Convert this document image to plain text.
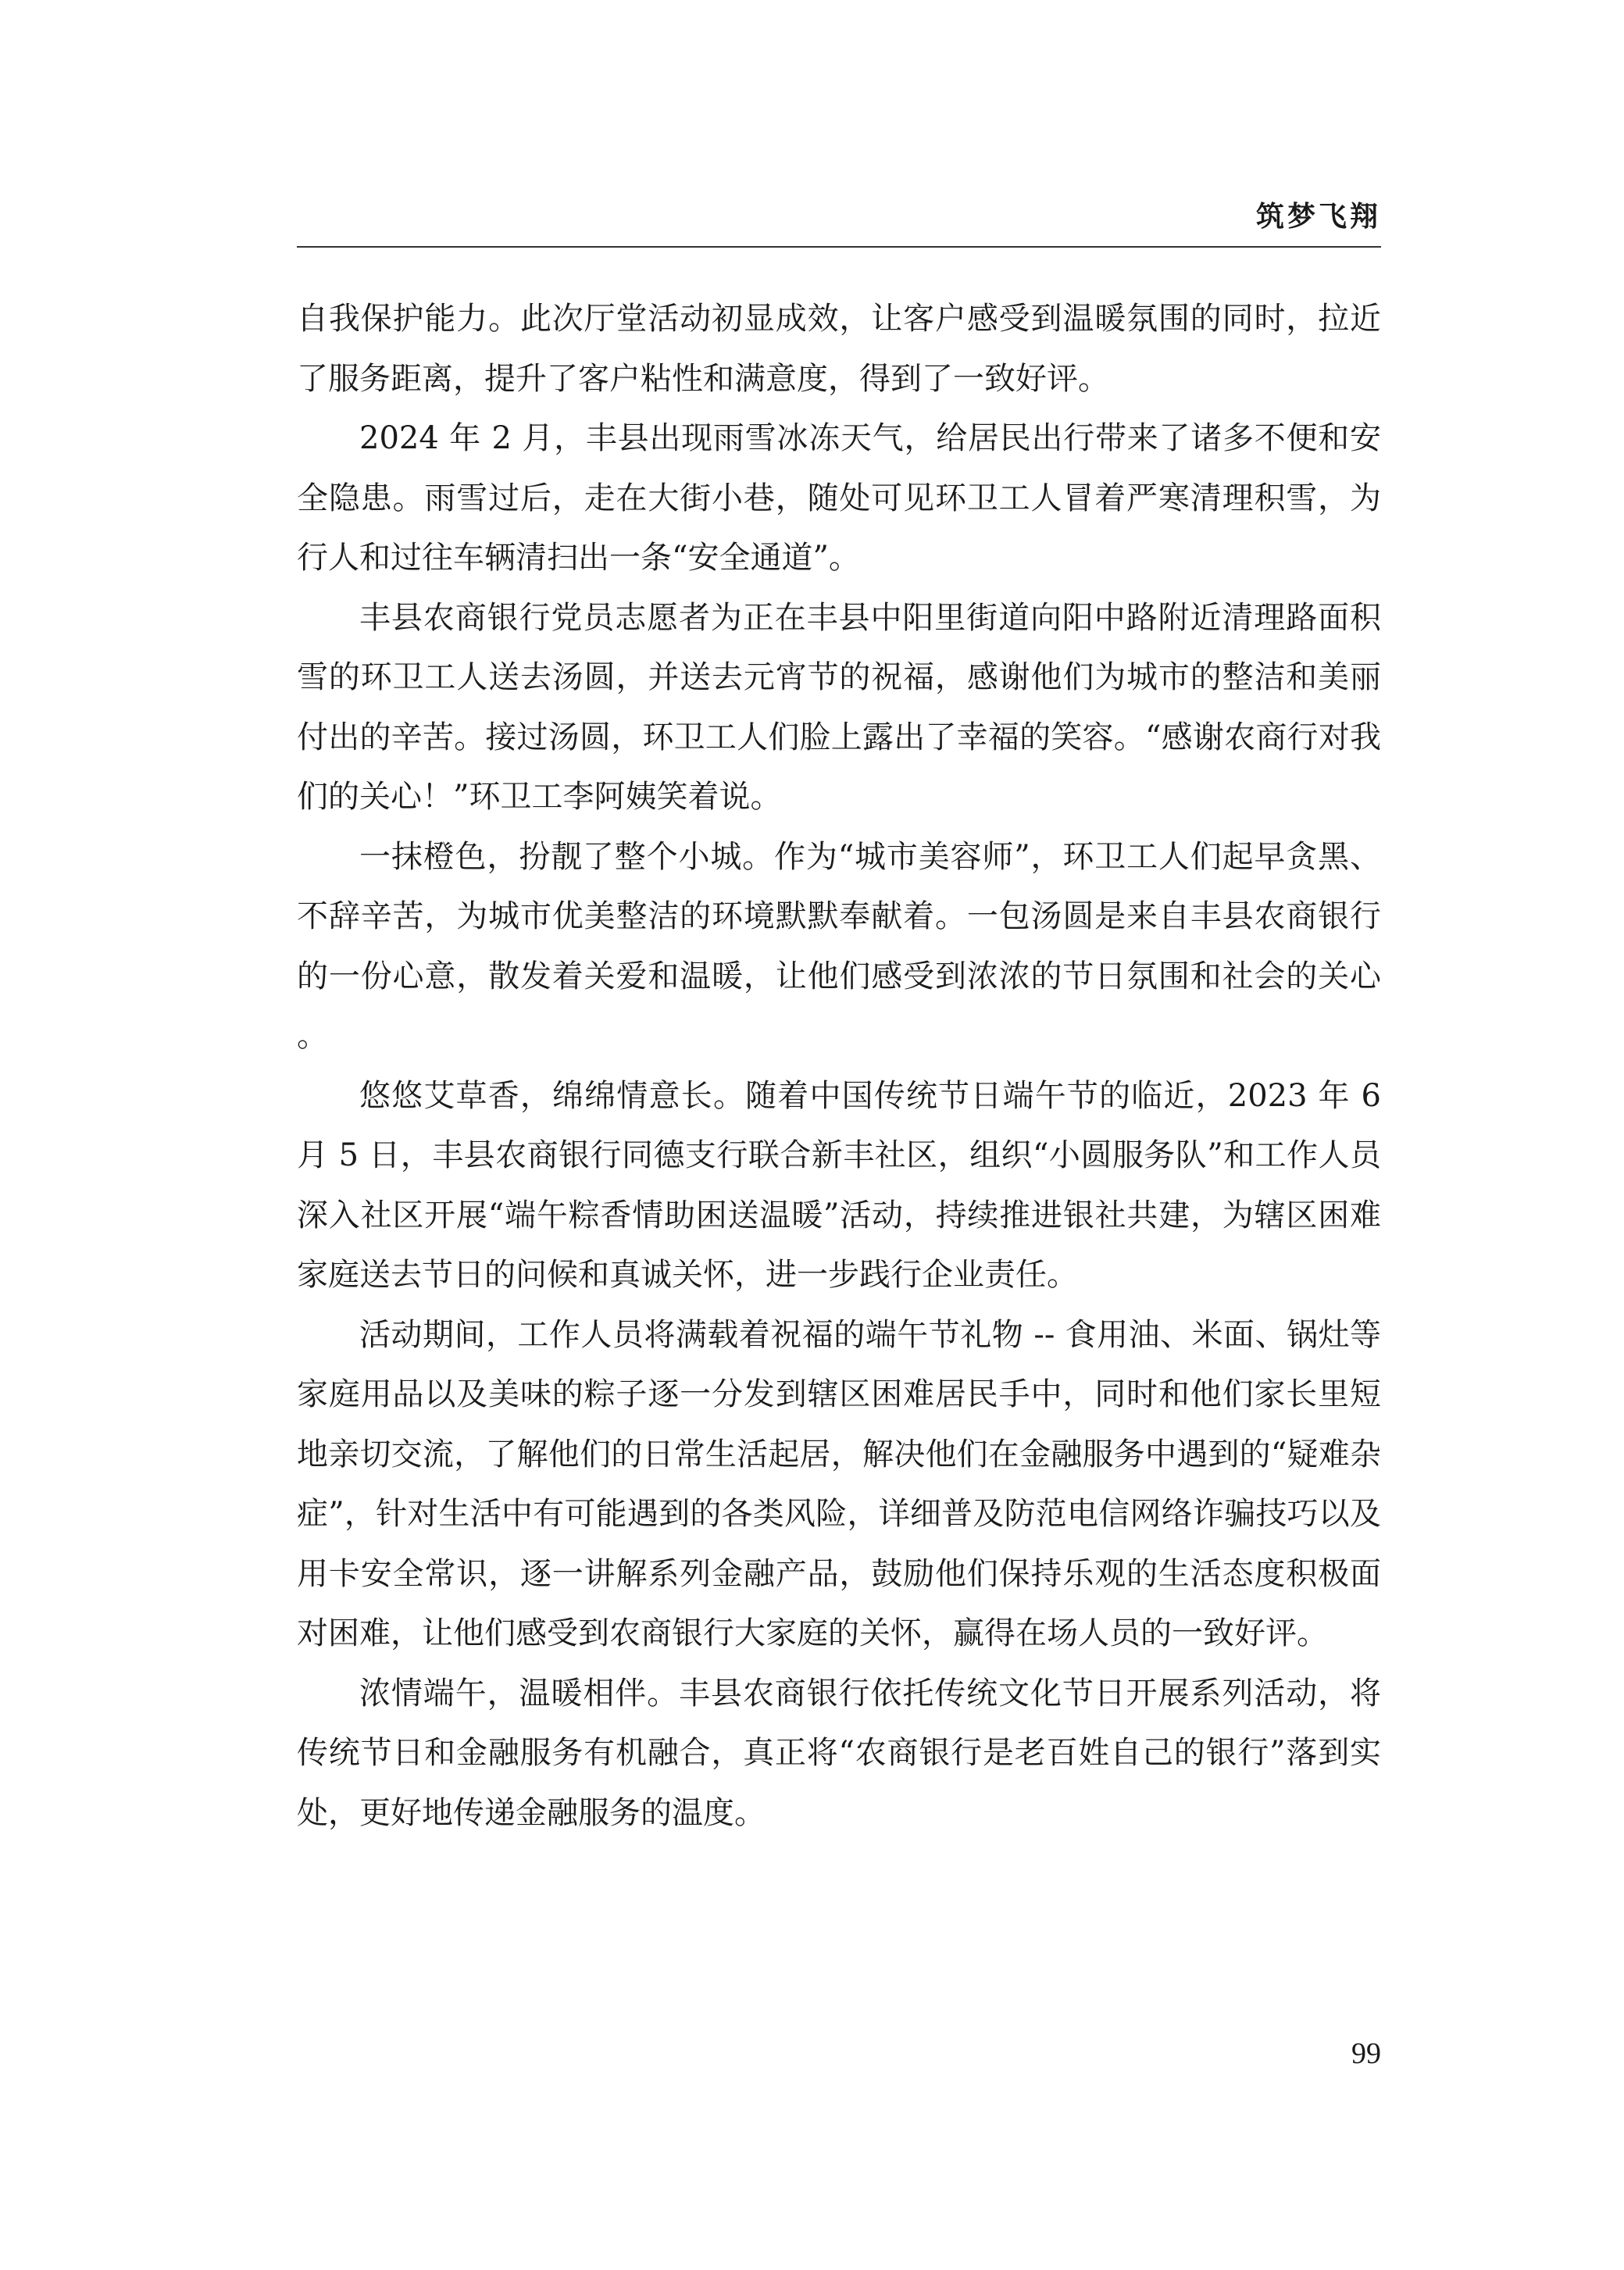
筑梦飞翔

自我保护能力。此次厅堂活动初显成效，让客户感受到温暖氛围的同时，拉近了服务距离，提升了客户粘性和满意度，得到了一致好评。

2024 年 2 月，丰县出现雨雪冰冻天气，给居民出行带来了诸多不便和安全隐患。雨雪过后，走在大街小巷，随处可见环卫工人冒着严寒清理积雪，为行人和过往车辆清扫出一条“安全通道”。

丰县农商银行党员志愿者为正在丰县中阳里街道向阳中路附近清理路面积雪的环卫工人送去汤圆，并送去元宵节的祝福，感谢他们为城市的整洁和美丽付出的辛苦。接过汤圆，环卫工人们脸上露出了幸福的笑容。“感谢农商行对我们的关心！”环卫工李阿姨笑着说。

一抹橙色，扮靓了整个小城。作为“城市美容师”，环卫工人们起早贪黑、不辞辛苦，为城市优美整洁的环境默默奉献着。一包汤圆是来自丰县农商银行的一份心意，散发着关爱和温暖，让他们感受到浓浓的节日氛围和社会的关心。

悠悠艾草香，绵绵情意长。随着中国传统节日端午节的临近，2023 年 6 月 5 日，丰县农商银行同德支行联合新丰社区，组织“小圆服务队”和工作人员深入社区开展“端午粽香情助困送温暖”活动，持续推进银社共建，为辖区困难家庭送去节日的问候和真诚关怀，进一步践行企业责任。

活动期间，工作人员将满载着祝福的端午节礼物 -- 食用油、米面、锅灶等家庭用品以及美味的粽子逐一分发到辖区困难居民手中，同时和他们家长里短地亲切交流，了解他们的日常生活起居，解决他们在金融服务中遇到的“疑难杂症”，针对生活中有可能遇到的各类风险，详细普及防范电信网络诈骗技巧以及用卡安全常识，逐一讲解系列金融产品，鼓励他们保持乐观的生活态度积极面对困难，让他们感受到农商银行大家庭的关怀，赢得在场人员的一致好评。

浓情端午，温暖相伴。丰县农商银行依托传统文化节日开展系列活动，将传统节日和金融服务有机融合，真正将“农商银行是老百姓自己的银行”落到实处，更好地传递金融服务的温度。

99
